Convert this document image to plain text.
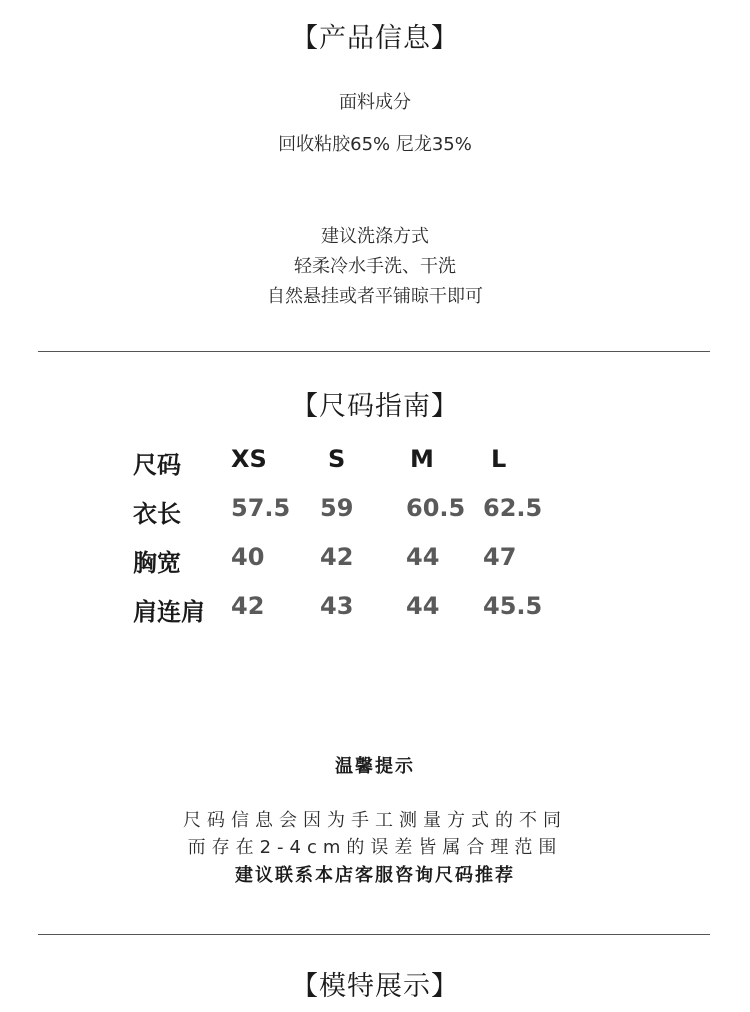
【产品信息】
面料成分
回收粘胶65% 尼龙35%
建议洗涤方式
轻柔冷水手洗、干洗
自然悬挂或者平铺晾干即可
【尺码指南】
尺码 XS	S	M L
衣长 57.5 59 60.5 62.5
胸宽 40 42 44 47
肩连肩 42 43 44 45.5
温馨提示
尺码信息会因为手工测量方式的不同
而存在2-4cm的误差皆属合理范围
建议联系本店客服咨询尺码推荐
【模特展示】
